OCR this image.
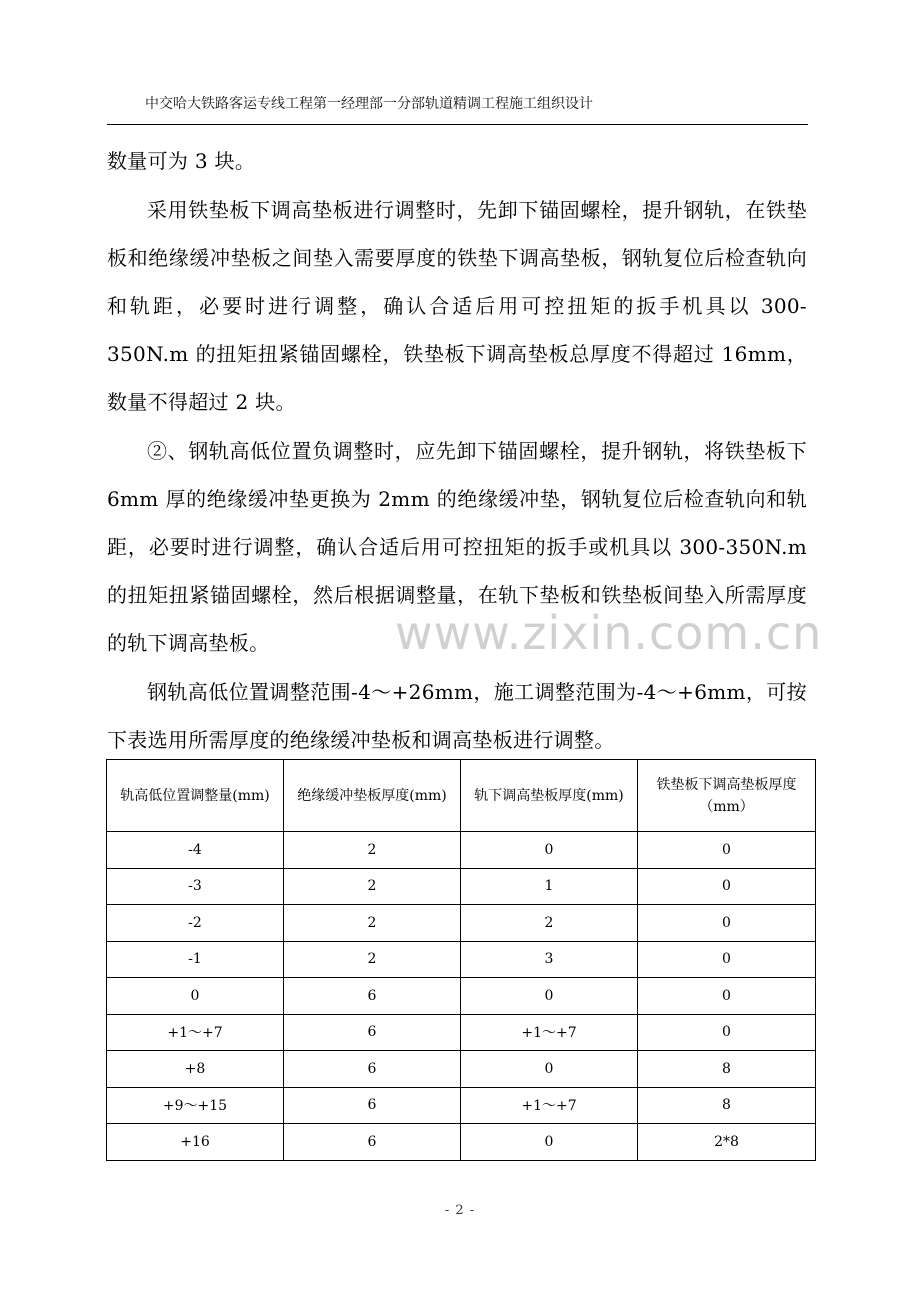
中交哈大铁路客运专线工程第一经理部一分部轨道精调工程施工组织设计

数量可为 3 块。

采用铁垫板下调高垫板进行调整时，先卸下锚固螺栓，提升钢轨，在铁垫板和绝缘缓冲垫板之间垫入需要厚度的铁垫下调高垫板，钢轨复位后检查轨向和轨距，必要时进行调整，确认合适后用可控扭矩的扳手机具以 300-350N.m 的扭矩扭紧锚固螺栓，铁垫板下调高垫板总厚度不得超过 16mm，数量不得超过 2 块。

②、钢轨高低位置负调整时，应先卸下锚固螺栓，提升钢轨，将铁垫板下 6mm 厚的绝缘缓冲垫更换为 2mm 的绝缘缓冲垫，钢轨复位后检查轨向和轨距，必要时进行调整，确认合适后用可控扭矩的扳手或机具以 300-350N.m 的扭矩扭紧锚固螺栓，然后根据调整量，在轨下垫板和铁垫板间垫入所需厚度的轨下调高垫板。

钢轨高低位置调整范围-4～+26mm，施工调整范围为-4～+6mm，可按下表选用所需厚度的绝缘缓冲垫板和调高垫板进行调整。

www.zixin.com.cn
轨高低位置调整量(mm)	绝缘缓冲垫板厚度(mm)	轨下调高垫板厚度(mm)	铁垫板下调高垫板厚度（mm）
-4	2	0	0
-3	2	1	0
-2	2	2	0
-1	2	3	0
0	6	0	0
+1～+7	6	+1～+7	0
+8	6	0	8
+9～+15	6	+1～+7	8
+16	6	0	2*8
- 2 -
